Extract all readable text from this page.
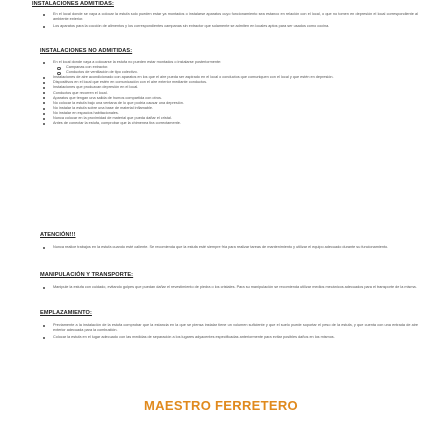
INSTALACIONES ADMITIDAS:
En el local donde se vaya a colocar la estufa solo pueden estar ya montados o instalarse aparatos cuyo funcionamiento sea estanco en relación con el local, o que no tomen en depresión el local correspondiente al ambiente exterior.
Los aparatos para la cocción de alimentos y los correspondientes campanas sin extractor que solamente se admiten en locales aptos para ser usados como cocina.
INSTALACIONES NO ADMITIDAS:
En el local donde vaya a colocarse la estufa no pueden estar montados o instalarse posteriormente:
Campanas con extractor.
Conductos de ventilación de tipo colectivo.
Instalaciones de aire acondicionado con aparatos en los que el aire pueda ser aspirado en el local o conductos que comuniquen con el local y que estén en depresión.
Dispositivos en el local que estén en comunicación con el aire exterior mediante conductos.
Instalaciones que produzcan depresión en el local.
Conductos que recorren el local.
Aparatos que tengan una salida de humos compartida con otros.
No colocar la estufa bajo una ventana de lo que podría causar una depresión.
No instalar la estufa sobre una base de material inflamable.
No instalar en espacios habitacionales.
Nunca colocar en la proximidad de material que pueda dañar el cristal.
Antes de conectar la estufa, comprobar que la chimenea tira correctamente.
ATENCIÓN!!!
Nunca realice trabajos en la estufa cuando esté caliente. Se recomienda que la estufa esté siempre fría para realizar tareas de mantenimiento y utilizar el equipo adecuado durante su funcionamiento.
MANIPULACIÓN Y TRANSPORTE:
Manipule la estufa con cuidado, evitando golpes que puedan dañar el revestimiento de piedra o los cristales. Para su manipulación se recomienda utilizar medios mecánicos adecuados para el transporte de la misma.
EMPLAZAMIENTO:
Previamente a la instalación de la estufa comprobar que la estancia en la que se piensa instalar tiene un volumen suficiente y que el suelo puede soportar el peso de la estufa, y que cuenta con una entrada de aire exterior adecuada para la combustión.
Colocar la estufa en el lugar adecuado con las medidas de separación a los lugares adyacentes especificadas anteriormente para evitar posibles daños en los mismos.
MAESTRO FERRETERO
